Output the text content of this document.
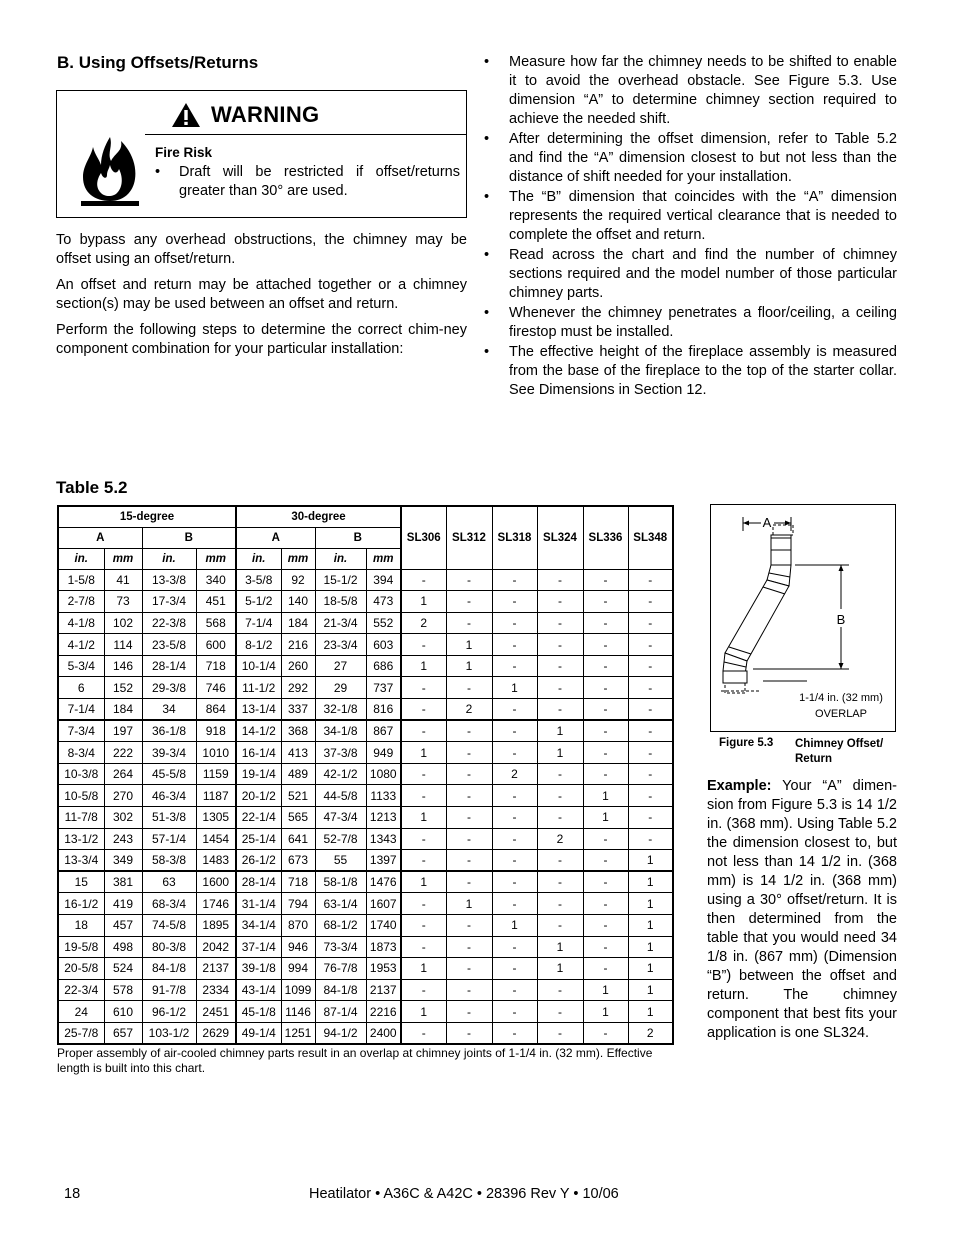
B. Using Offsets/Returns
WARNING
Fire Risk
•	Draft will be restricted if offset/returns greater than 30° are used.

To bypass any overhead obstructions, the chimney may be offset using an offset/return.

An offset and return may be attached together or a chimney section(s) may be used between an offset and return.

Perform the following steps to determine the correct chim-ney component combination for your particular installation:

•	Measure how far the chimney needs to be shifted to enable it to avoid the overhead obstacle. See Figure 5.3. Use dimension “A” to determine chimney section required to achieve the needed shift.
•	After determining the offset dimension, refer to Table 5.2 and find the “A” dimension closest to but not less than the distance of shift needed for your installation.
•	The “B” dimension that coincides with the “A” dimension represents the required vertical clearance that is needed to complete the offset and return.
•	Read across the chart and find the number of chimney sections required and the model number of those particular chimney parts.
•	Whenever the chimney penetrates a floor/ceiling, a ceiling firestop must be installed.
•	The effective height of the fireplace assembly is measured from the base of the fireplace to the top of the starter collar. See Dimensions in Section 12.
Table 5.2
15-degree				30-degree				SL306	SL312	SL318	SL324	SL336	SL348
A		B		A		B							
in.	mm	in.	mm	in.	mm	in.	mm						
1-5/8	41	13-3/8	340	3-5/8	92	15-1/2	394	-	-	-	-	-	-
2-7/8	73	17-3/4	451	5-1/2	140	18-5/8	473	1	-	-	-	-	-
4-1/8	102	22-3/8	568	7-1/4	184	21-3/4	552	2	-	-	-	-	-
4-1/2	114	23-5/8	600	8-1/2	216	23-3/4	603	-	1	-	-	-	-
5-3/4	146	28-1/4	718	10-1/4	260	27	686	1	1	-	-	-	-
6	152	29-3/8	746	11-1/2	292	29	737	-	-	1	-	-	-
7-1/4	184	34	864	13-1/4	337	32-1/8	816	-	2	-	-	-	-
7-3/4	197	36-1/8	918	14-1/2	368	34-1/8	867	-	-	-	1	-	-
8-3/4	222	39-3/4	1010	16-1/4	413	37-3/8	949	1	-	-	1	-	-
10-3/8	264	45-5/8	1159	19-1/4	489	42-1/2	1080	-	-	2	-	-	-
10-5/8	270	46-3/4	1187	20-1/2	521	44-5/8	1133	-	-	-	-	1	-
11-7/8	302	51-3/8	1305	22-1/4	565	47-3/4	1213	1	-	-	-	1	-
13-1/2	243	57-1/4	1454	25-1/4	641	52-7/8	1343	-	-	-	2	-	-
13-3/4	349	58-3/8	1483	26-1/2	673	55	1397	-	-	-	-	-	1
15	381	63	1600	28-1/4	718	58-1/8	1476	1	-	-	-	-	1
16-1/2	419	68-3/4	1746	31-1/4	794	63-1/4	1607	-	1	-	-	-	1
18	457	74-5/8	1895	34-1/4	870	68-1/2	1740	-	-	1	-	-	1
19-5/8	498	80-3/8	2042	37-1/4	946	73-3/4	1873	-	-	-	1	-	1
20-5/8	524	84-1/8	2137	39-1/8	994	76-7/8	1953	1	-	-	1	-	1
22-3/4	578	91-7/8	2334	43-1/4	1099	84-1/8	2137	-	-	-	-	1	1
24	610	96-1/2	2451	45-1/8	1146	87-1/4	2216	1	-	-	-	1	1
25-7/8	657	103-1/2	2629	49-1/4	1251	94-1/2	2400	-	-	-	-	-	2
Proper assembly of air-cooled chimney parts result in an overlap at chimney joints of 1-1/4 in. (32 mm). Effective length is built into this chart.
A
B
1-1/4 in. (32 mm)
OVERLAP
Figure 5.3 Chimney Offset/ Return

Example: Your “A” dimen-sion from Figure 5.3 is 14 1/2 in. (368 mm). Using Table 5.2 the dimension closest to, but not less than 14 1/2 in. (368 mm) is 14 1/2 in. (368 mm) using a 30° offset/return. It is then determined from the table that you would need 34 1/8 in. (867 mm) (Dimension “B”) between the offset and return. The chimney component that best fits your application is one SL324.

18	Heatilator • A36C & A42C • 28396 Rev Y • 10/06
